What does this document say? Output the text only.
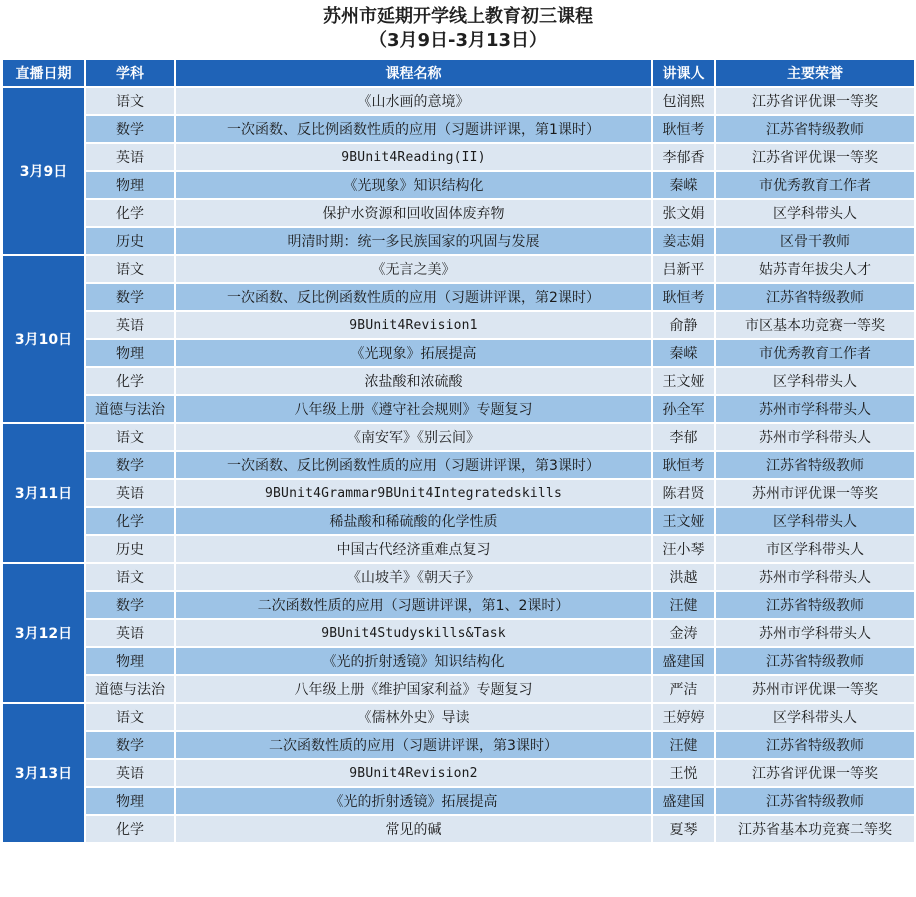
苏州市延期开学线上教育初三课程
（3月9日-3月13日）
直播日期	学科	课程名称	讲课人	主要荣誉
3月9日	语文	《山水画的意境》	包润熙	江苏省评优课一等奖
	数学	一次函数、反比例函数性质的应用（习题讲评课，第1课时）	耿恒考	江苏省特级教师
	英语	9BUnit4Reading(II)	李郁香	江苏省评优课一等奖
	物理	《光现象》知识结构化	秦嵘	市优秀教育工作者
	化学	保护水资源和回收固体废弃物	张文娟	区学科带头人
	历史	明清时期：统一多民族国家的巩固与发展	姜志娟	区骨干教师
3月10日	语文	《无言之美》	吕新平	姑苏青年拔尖人才
	数学	一次函数、反比例函数性质的应用（习题讲评课，第2课时）	耿恒考	江苏省特级教师
	英语	9BUnit4Revision1	俞静	市区基本功竞赛一等奖
	物理	《光现象》拓展提高	秦嵘	市优秀教育工作者
	化学	浓盐酸和浓硫酸	王文娅	区学科带头人
	道德与法治	八年级上册《遵守社会规则》专题复习	孙全军	苏州市学科带头人
3月11日	语文	《南安军》《别云间》	李郁	苏州市学科带头人
	数学	一次函数、反比例函数性质的应用（习题讲评课，第3课时）	耿恒考	江苏省特级教师
	英语	9BUnit4Grammar9BUnit4Integratedskills	陈君贤	苏州市评优课一等奖
	化学	稀盐酸和稀硫酸的化学性质	王文娅	区学科带头人
	历史	中国古代经济重难点复习	汪小琴	市区学科带头人
3月12日	语文	《山坡羊》《朝天子》	洪越	苏州市学科带头人
	数学	二次函数性质的应用（习题讲评课，第1、2课时）	汪健	江苏省特级教师
	英语	9BUnit4Studyskills&Task	金涛	苏州市学科带头人
	物理	《光的折射透镜》知识结构化	盛建国	江苏省特级教师
	道德与法治	八年级上册《维护国家利益》专题复习	严洁	苏州市评优课一等奖
3月13日	语文	《儒林外史》导读	王婷婷	区学科带头人
	数学	二次函数性质的应用（习题讲评课，第3课时）	汪健	江苏省特级教师
	英语	9BUnit4Revision2	王悦	江苏省评优课一等奖
	物理	《光的折射透镜》拓展提高	盛建国	江苏省特级教师
	化学	常见的碱	夏琴	江苏省基本功竞赛二等奖
